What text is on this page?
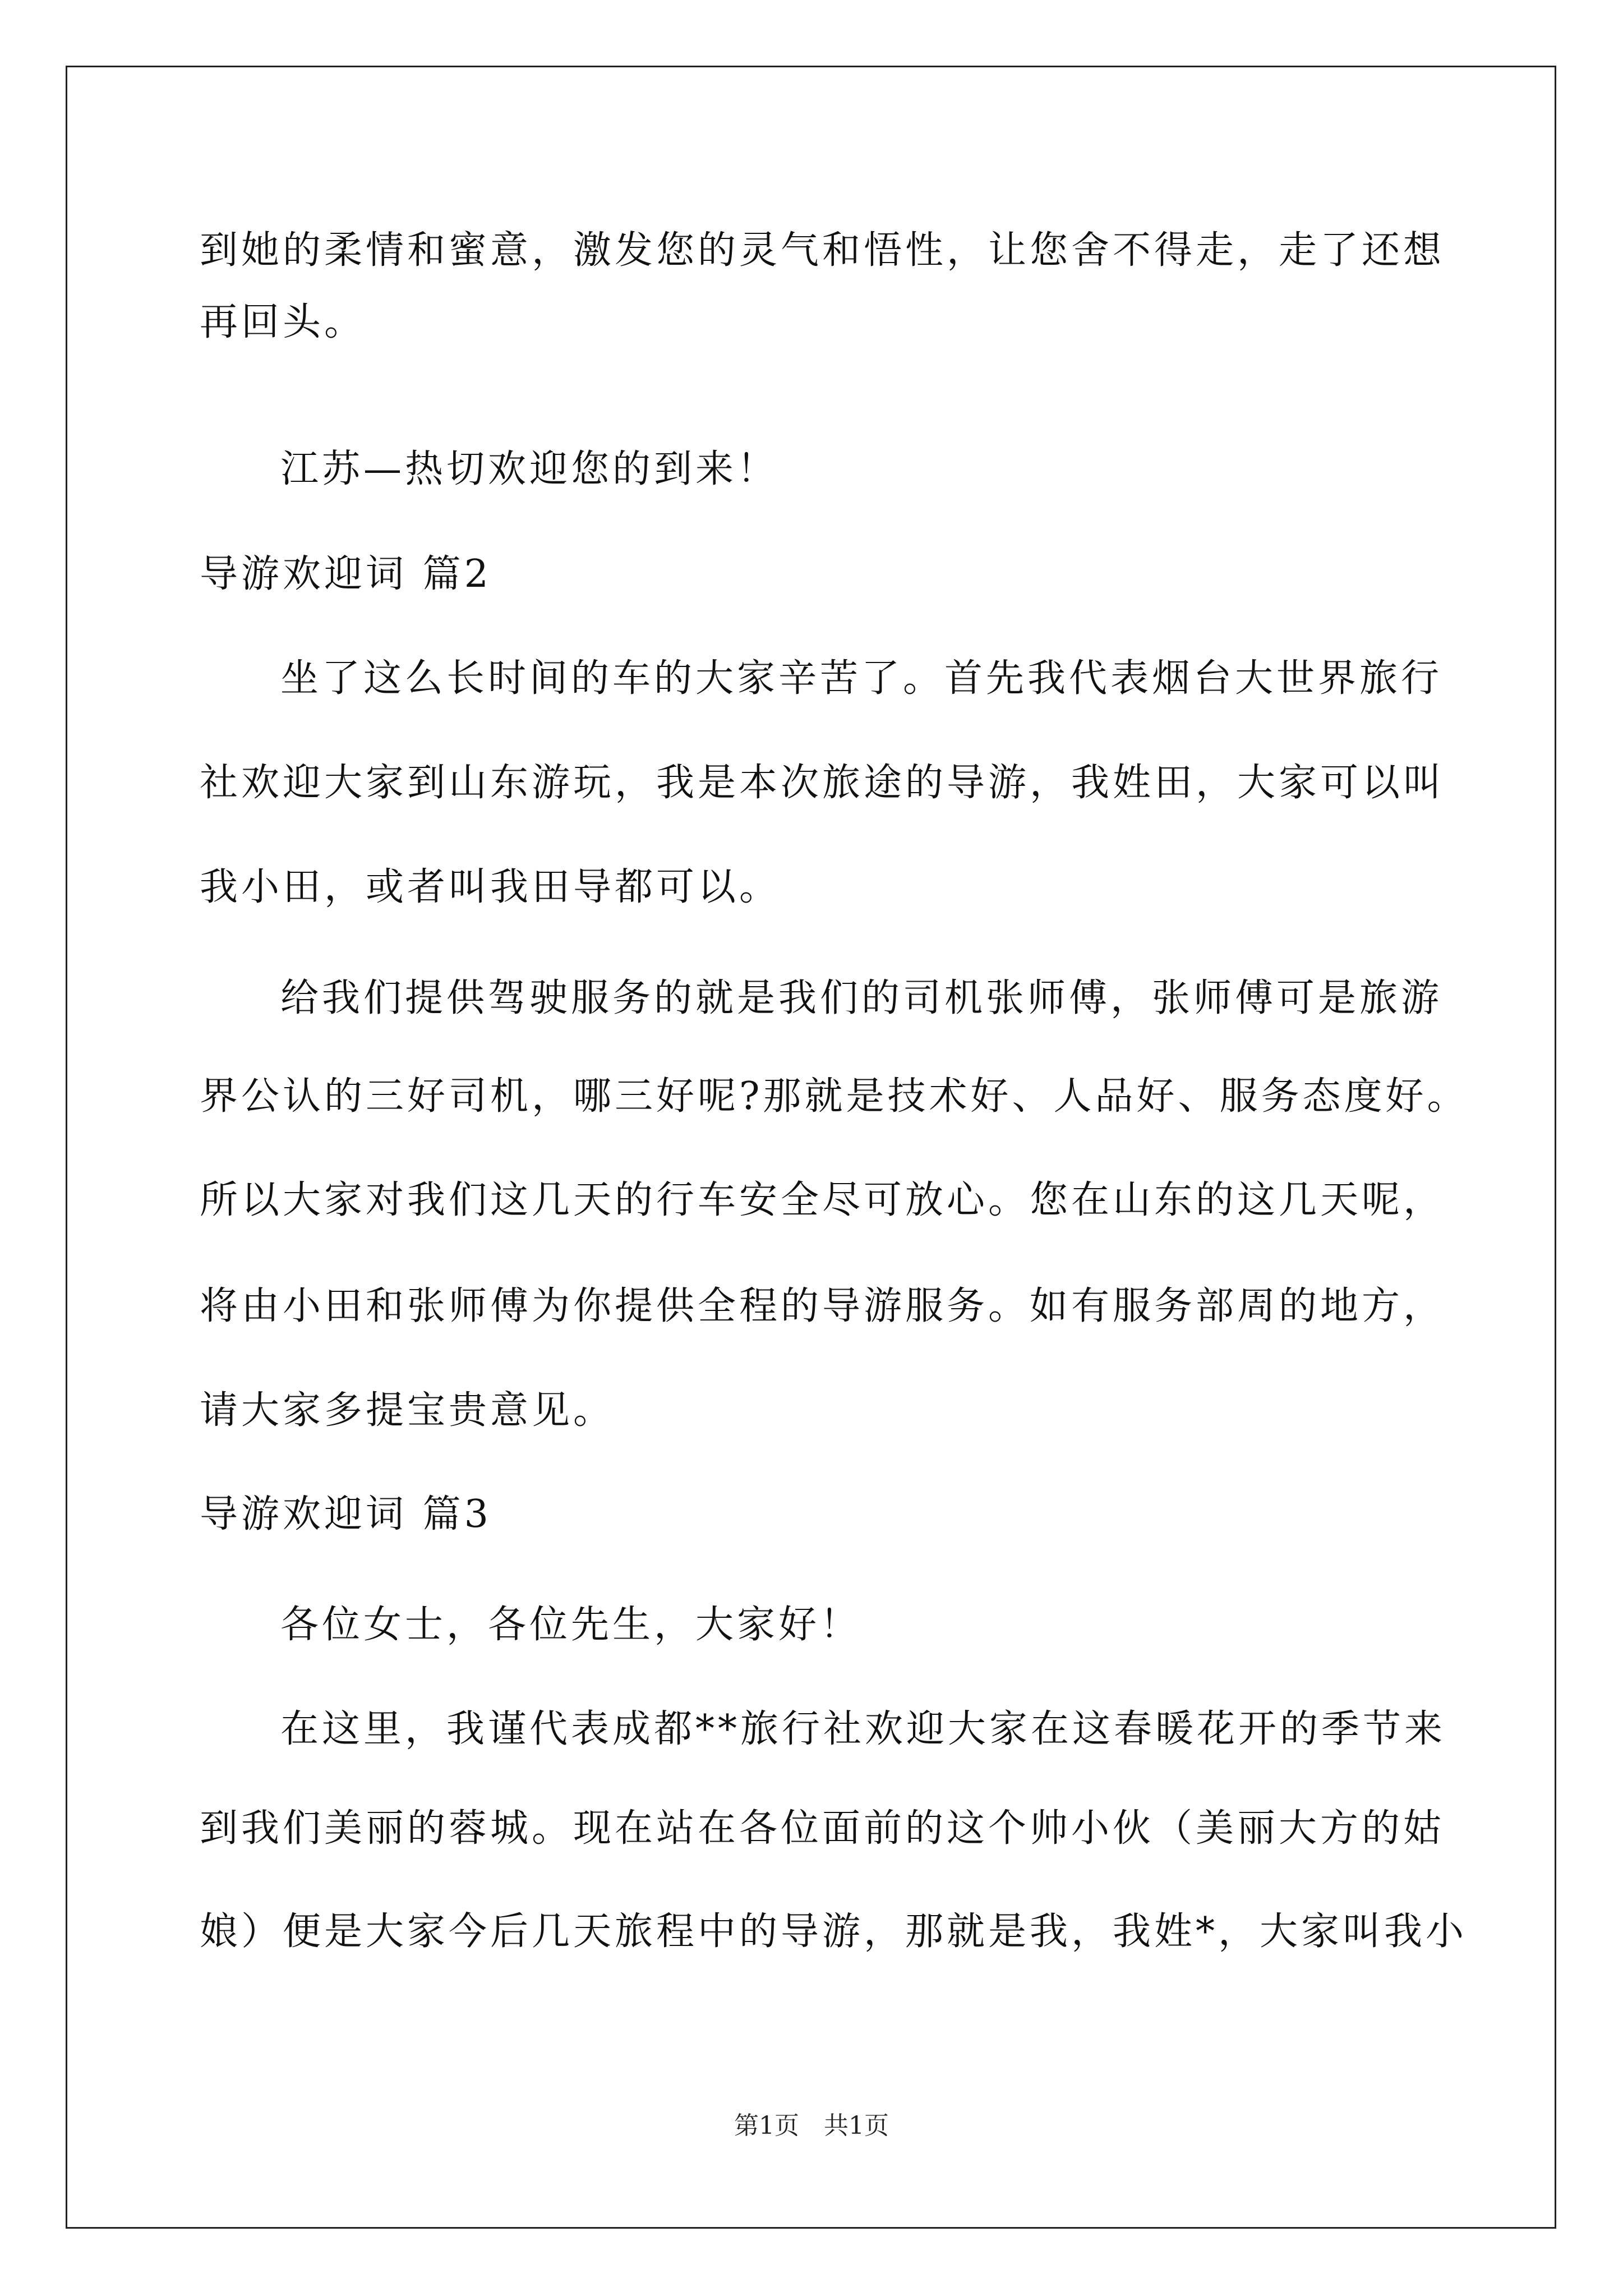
到她的柔情和蜜意，激发您的灵气和悟性，让您舍不得走，走了还想
再回头。
江苏—热切欢迎您的到来！
导游欢迎词 篇2
坐了这么长时间的车的大家辛苦了。首先我代表烟台大世界旅行
社欢迎大家到山东游玩，我是本次旅途的导游，我姓田，大家可以叫
我小田，或者叫我田导都可以。
给我们提供驾驶服务的就是我们的司机张师傅，张师傅可是旅游
界公认的三好司机，哪三好呢?那就是技术好、人品好、服务态度好。
所以大家对我们这几天的行车安全尽可放心。您在山东的这几天呢，
将由小田和张师傅为你提供全程的导游服务。如有服务部周的地方，
请大家多提宝贵意见。
导游欢迎词 篇3
各位女士，各位先生，大家好！
在这里，我谨代表成都**旅行社欢迎大家在这春暖花开的季节来
到我们美丽的蓉城。现在站在各位面前的这个帅小伙（美丽大方的姑
娘）便是大家今后几天旅程中的导游，那就是我，我姓*，大家叫我小
第1页　共1页
